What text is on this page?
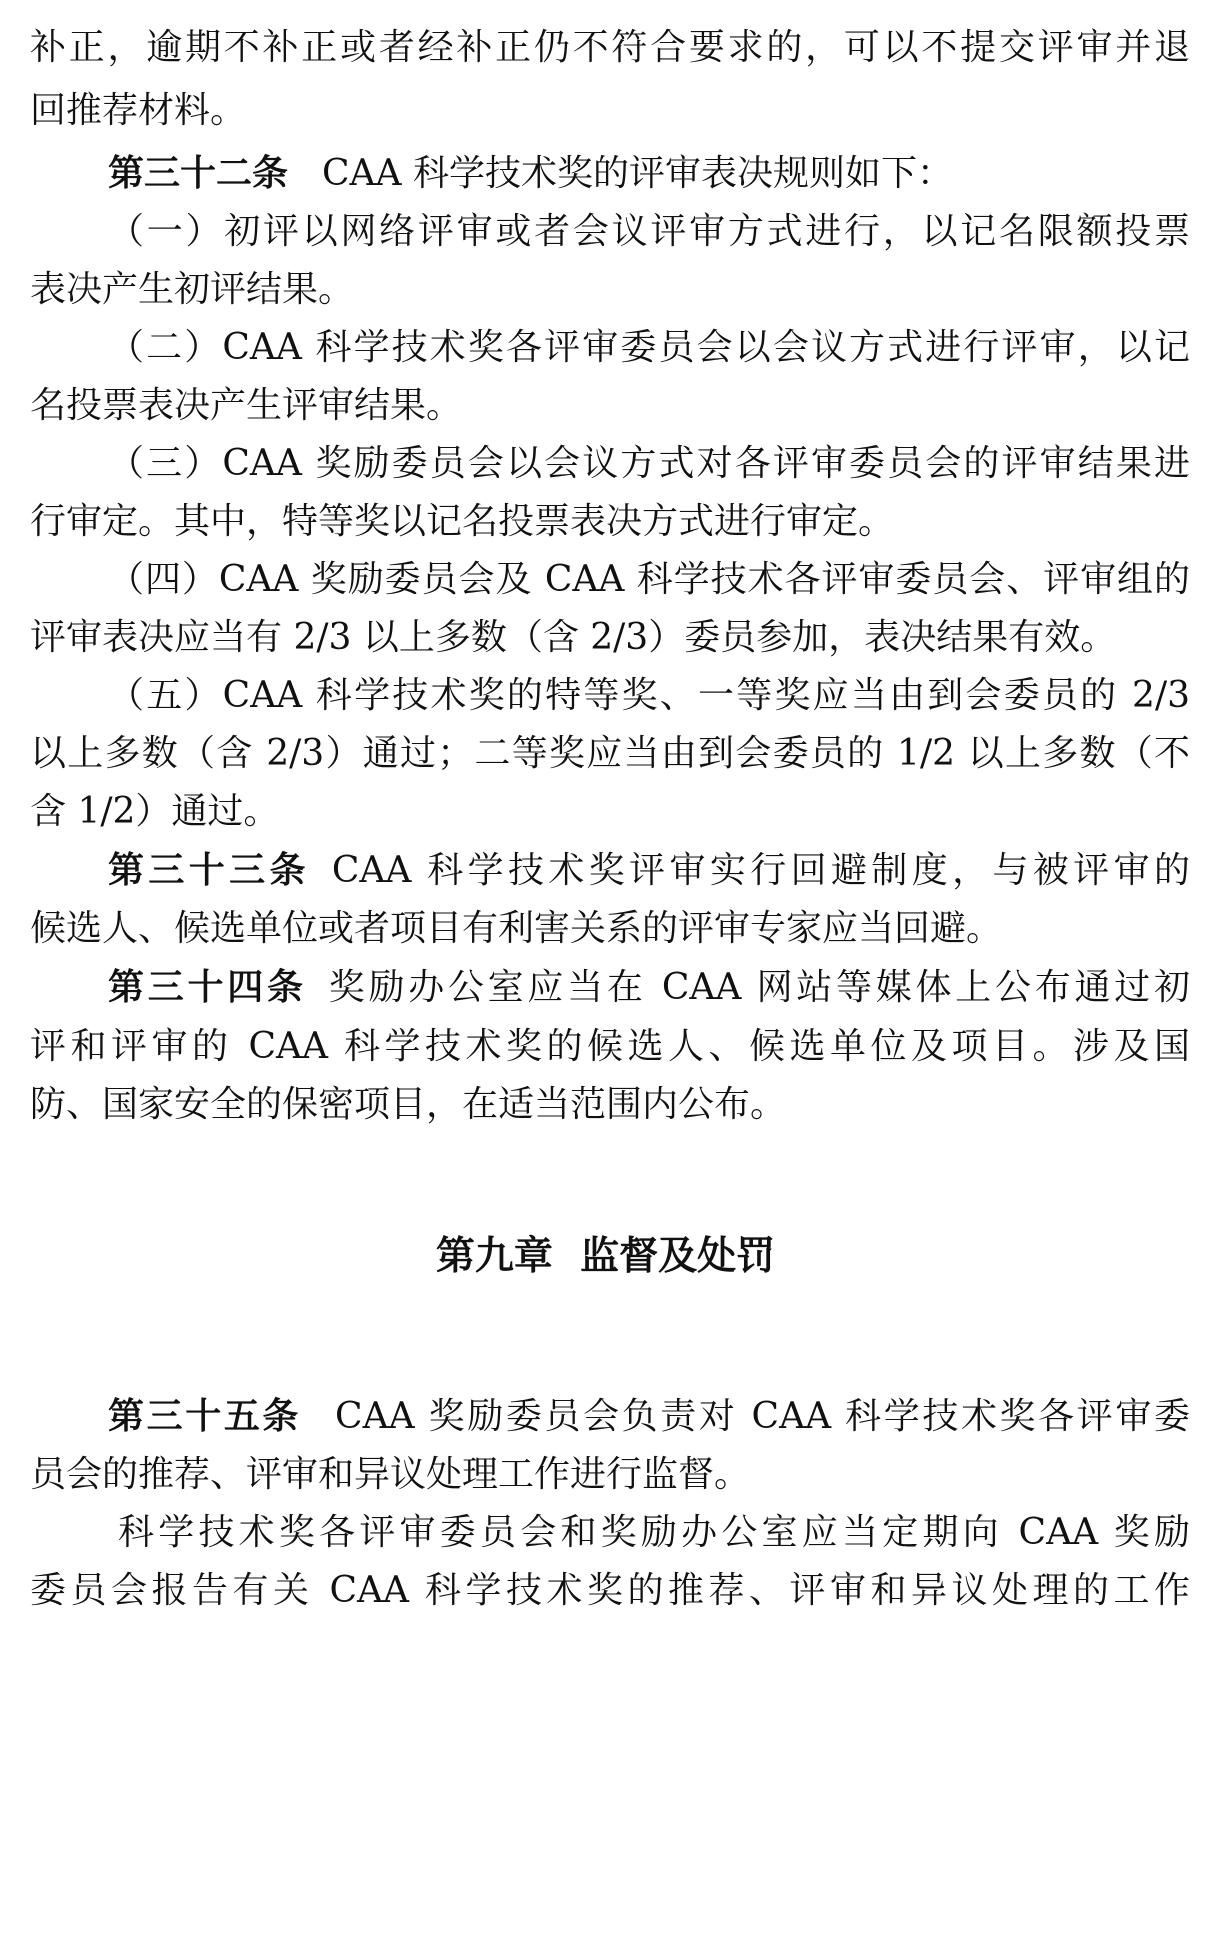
补正，逾期不补正或者经补正仍不符合要求的，可以不提交评审并退
回推荐材料。
第三十二条 CAA 科学技术奖的评审表决规则如下：
（一）初评以网络评审或者会议评审方式进行，以记名限额投票
表决产生初评结果。
（二）CAA 科学技术奖各评审委员会以会议方式进行评审，以记
名投票表决产生评审结果。
（三）CAA 奖励委员会以会议方式对各评审委员会的评审结果进
行审定。其中，特等奖以记名投票表决方式进行审定。
（四）CAA 奖励委员会及 CAA 科学技术各评审委员会、评审组的
评审表决应当有 2/3 以上多数（含 2/3）委员参加，表决结果有效。
（五）CAA 科学技术奖的特等奖、一等奖应当由到会委员的 2/3
以上多数（含 2/3）通过；二等奖应当由到会委员的 1/2 以上多数（不
含 1/2）通过。
第三十三条 CAA 科学技术奖评审实行回避制度，与被评审的
候选人、候选单位或者项目有利害关系的评审专家应当回避。
第三十四条 奖励办公室应当在 CAA 网站等媒体上公布通过初
评和评审的 CAA 科学技术奖的候选人、候选单位及项目。涉及国
防、国家安全的保密项目，在适当范围内公布。
第九章  监督及处罚
第三十五条 CAA 奖励委员会负责对 CAA 科学技术奖各评审委
员会的推荐、评审和异议处理工作进行监督。
科学技术奖各评审委员会和奖励办公室应当定期向 CAA 奖励
委员会报告有关 CAA 科学技术奖的推荐、评审和异议处理的工作
